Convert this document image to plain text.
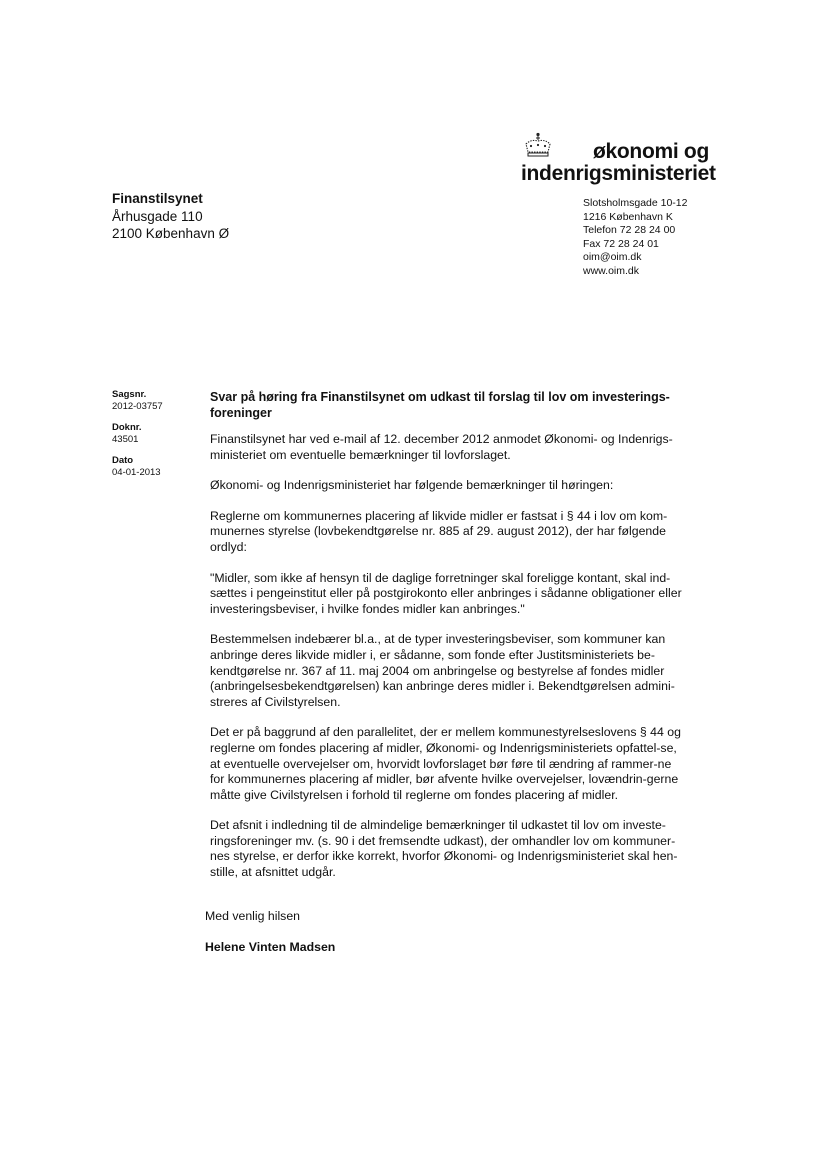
økonomi og
indenrigsministeriet
Finanstilsynet
Århusgade 110
2100 København Ø
Slotsholmsgade 10-12
1216 København K
Telefon 72 28 24 00
Fax 72 28 24 01
oim@oim.dk
www.oim.dk
Sagsnr.
2012-03757
Doknr.
43501
Dato
04-01-2013
Svar på høring fra Finanstilsynet om udkast til forslag til lov om investerings-foreninger

Finanstilsynet har ved e-mail af 12. december 2012 anmodet Økonomi- og Indenrigs-ministeriet om eventuelle bemærkninger til lovforslaget.

Økonomi- og Indenrigsministeriet har følgende bemærkninger til høringen:

Reglerne om kommunernes placering af likvide midler er fastsat i § 44 i lov om kom-munernes styrelse (lovbekendtgørelse nr. 885 af 29. august 2012), der har følgende ordlyd:

"Midler, som ikke af hensyn til de daglige forretninger skal foreligge kontant, skal ind-sættes i pengeinstitut eller på postgirokonto eller anbringes i sådanne obligationer eller investeringsbeviser, i hvilke fondes midler kan anbringes."

Bestemmelsen indebærer bl.a., at de typer investeringsbeviser, som kommuner kan anbringe deres likvide midler i, er sådanne, som fonde efter Justitsministeriets be-kendtgørelse nr. 367 af 11. maj 2004 om anbringelse og bestyrelse af fondes midler (anbringelsesbekendtgørelsen) kan anbringe deres midler i. Bekendtgørelsen admini-streres af Civilstyrelsen.

Det er på baggrund af den parallelitet, der er mellem kommunestyrelseslovens § 44 og reglerne om fondes placering af midler, Økonomi- og Indenrigsministeriets opfattel-se, at eventuelle overvejelser om, hvorvidt lovforslaget bør føre til ændring af rammer-ne for kommunernes placering af midler, bør afvente hvilke overvejelser, lovændrin-gerne måtte give Civilstyrelsen i forhold til reglerne om fondes placering af midler.

Det afsnit i indledning til de almindelige bemærkninger til udkastet til lov om investe-ringsforeninger mv. (s. 90 i det fremsendte udkast), der omhandler lov om kommuner-nes styrelse, er derfor ikke korrekt, hvorfor Økonomi- og Indenrigsministeriet skal hen-stille, at afsnittet udgår.

Med venlig hilsen
Helene Vinten Madsen
